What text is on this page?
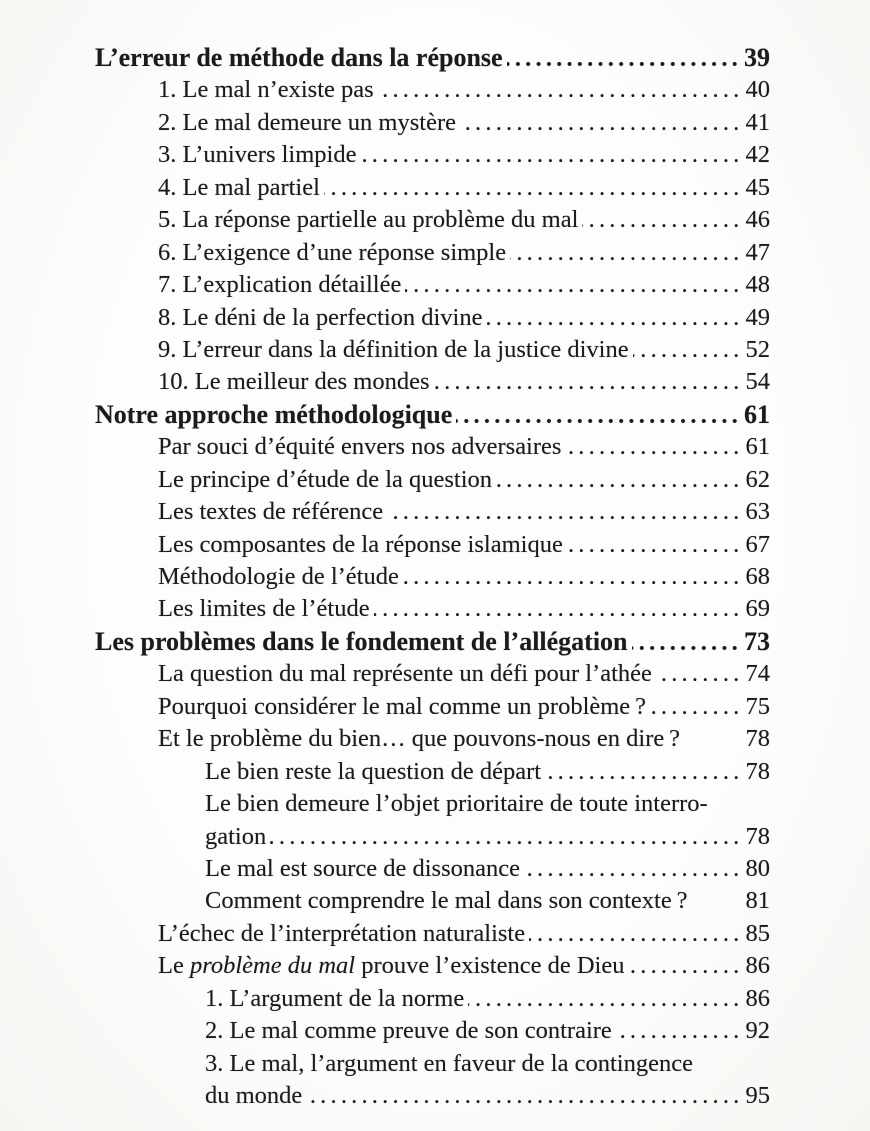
L’erreur de méthode dans la réponse .....	39
1. Le mal n’existe pas .....	40
2. Le mal demeure un mystère .....	41
3. L’univers limpide .....	42
4. Le mal partiel .....	45
5. La réponse partielle au problème du mal .....	46
6. L’exigence d’une réponse simple .....	47
7. L’explication détaillée .....	48
8. Le déni de la perfection divine .....	49
9. L’erreur dans la définition de la justice divine .....	52
10. Le meilleur des mondes .....	54
Notre approche méthodologique .....	61
Par souci d’équité envers nos adversaires .....	61
Le principe d’étude de la question .....	62
Les textes de référence .....	63
Les composantes de la réponse islamique .....	67
Méthodologie de l’étude .....	68
Les limites de l’étude .....	69
Les problèmes dans le fondement de l’allégation .....	73
La question du mal représente un défi pour l’athée .....	74
Pourquoi considérer le mal comme un problème ? .....	75
Et le problème du bien… que pouvons-nous en dire ?	78
Le bien reste la question de départ .....	78
Le bien demeure l’objet prioritaire de toute interro-
gation .....	78
Le mal est source de dissonance .....	80
Comment comprendre le mal dans son contexte ? 81
L’échec de l’interprétation naturaliste .....	85
Le problème du mal prouve l’existence de Dieu .....	86
1. L’argument de la norme .....	86
2. Le mal comme preuve de son contraire .....	92
3. Le mal, l’argument en faveur de la contingence
du monde .....	95
